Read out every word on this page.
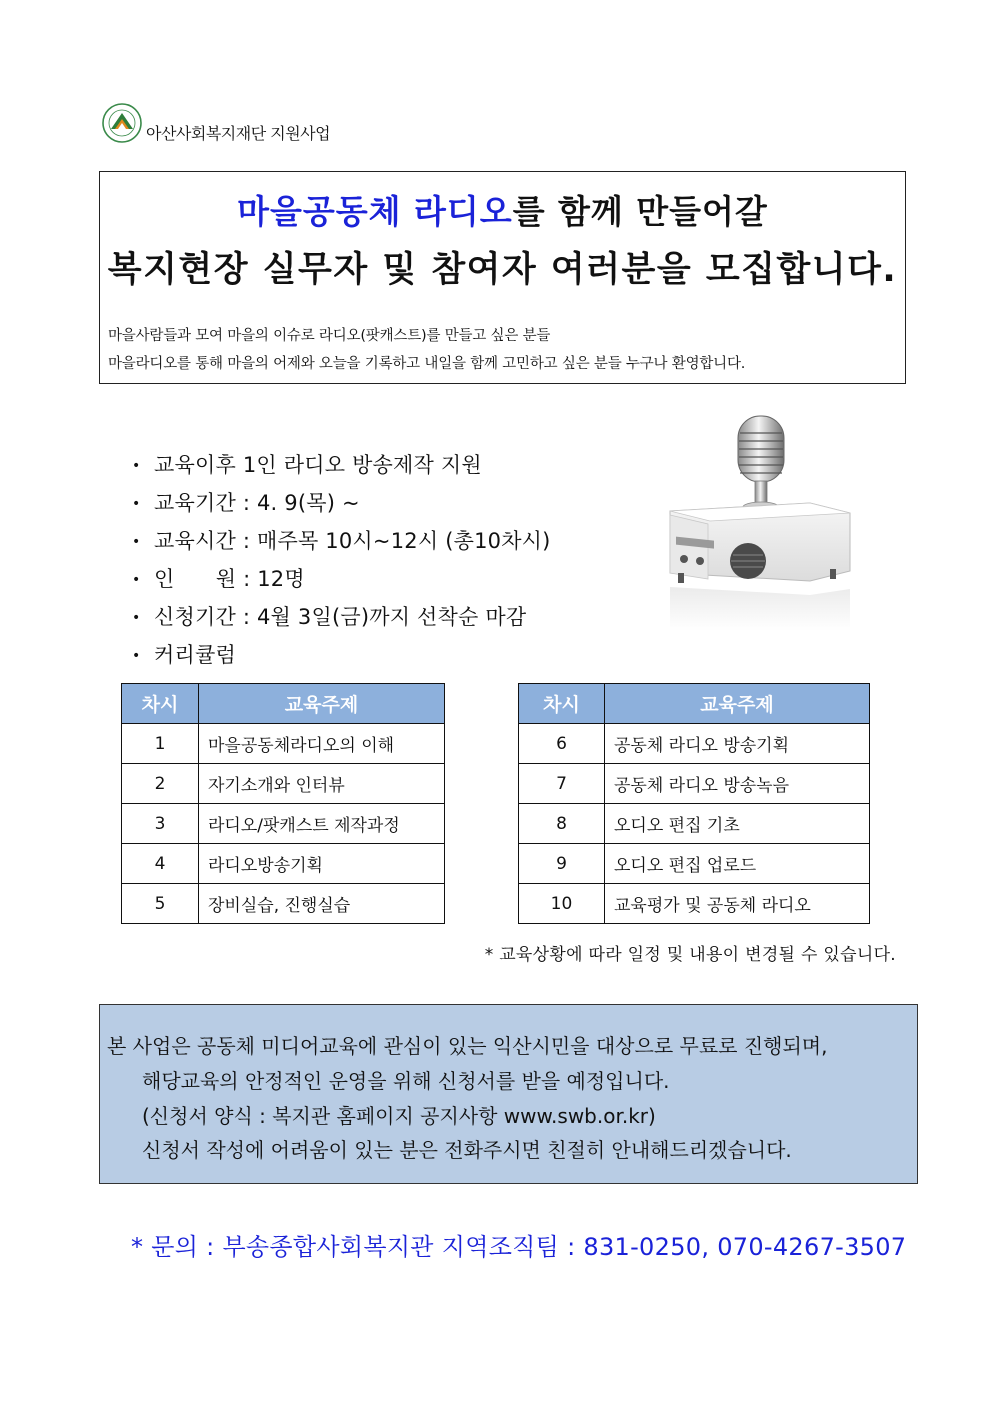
아산사회복지재단 지원사업
마을공동체 라디오를 함께 만들어갈
복지현장 실무자 및 참여자 여러분을 모집합니다.
마을사람들과 모여 마을의 이슈로 라디오(팟캐스트)를 만들고 싶은 분들
마을라디오를 통해 마을의 어제와 오늘을 기록하고 내일을 함께 고민하고 싶은 분들 누구나 환영합니다.
• 교육이후 1인 라디오 방송제작 지원
• 교육기간 : 4. 9(목) ~
• 교육시간 : 매주목 10시~12시 (총10차시)
• 인      원 : 12명
• 신청기간 : 4월 3일(금)까지 선착순 마감
• 커리큘럼
차시	교육주제
1	마을공동체라디오의 이해
2	자기소개와 인터뷰
3	라디오/팟캐스트 제작과정
4	라디오방송기획
5	장비실습, 진행실습
차시	교육주제
6	공동체 라디오 방송기획
7	공동체 라디오 방송녹음
8	오디오 편집 기초
9	오디오 편집 업로드
10	교육평가 및 공동체 라디오
* 교육상황에 따라 일정 및 내용이 변경될 수 있습니다.
본 사업은 공동체 미디어교육에 관심이 있는 익산시민을 대상으로 무료로 진행되며,
해당교육의 안정적인 운영을 위해 신청서를 받을 예정입니다.
(신청서 양식 : 복지관 홈페이지 공지사항 www.swb.or.kr)
신청서 작성에 어려움이 있는 분은 전화주시면 친절히 안내해드리겠습니다.
* 문의 : 부송종합사회복지관 지역조직팀 : 831-0250, 070-4267-3507
